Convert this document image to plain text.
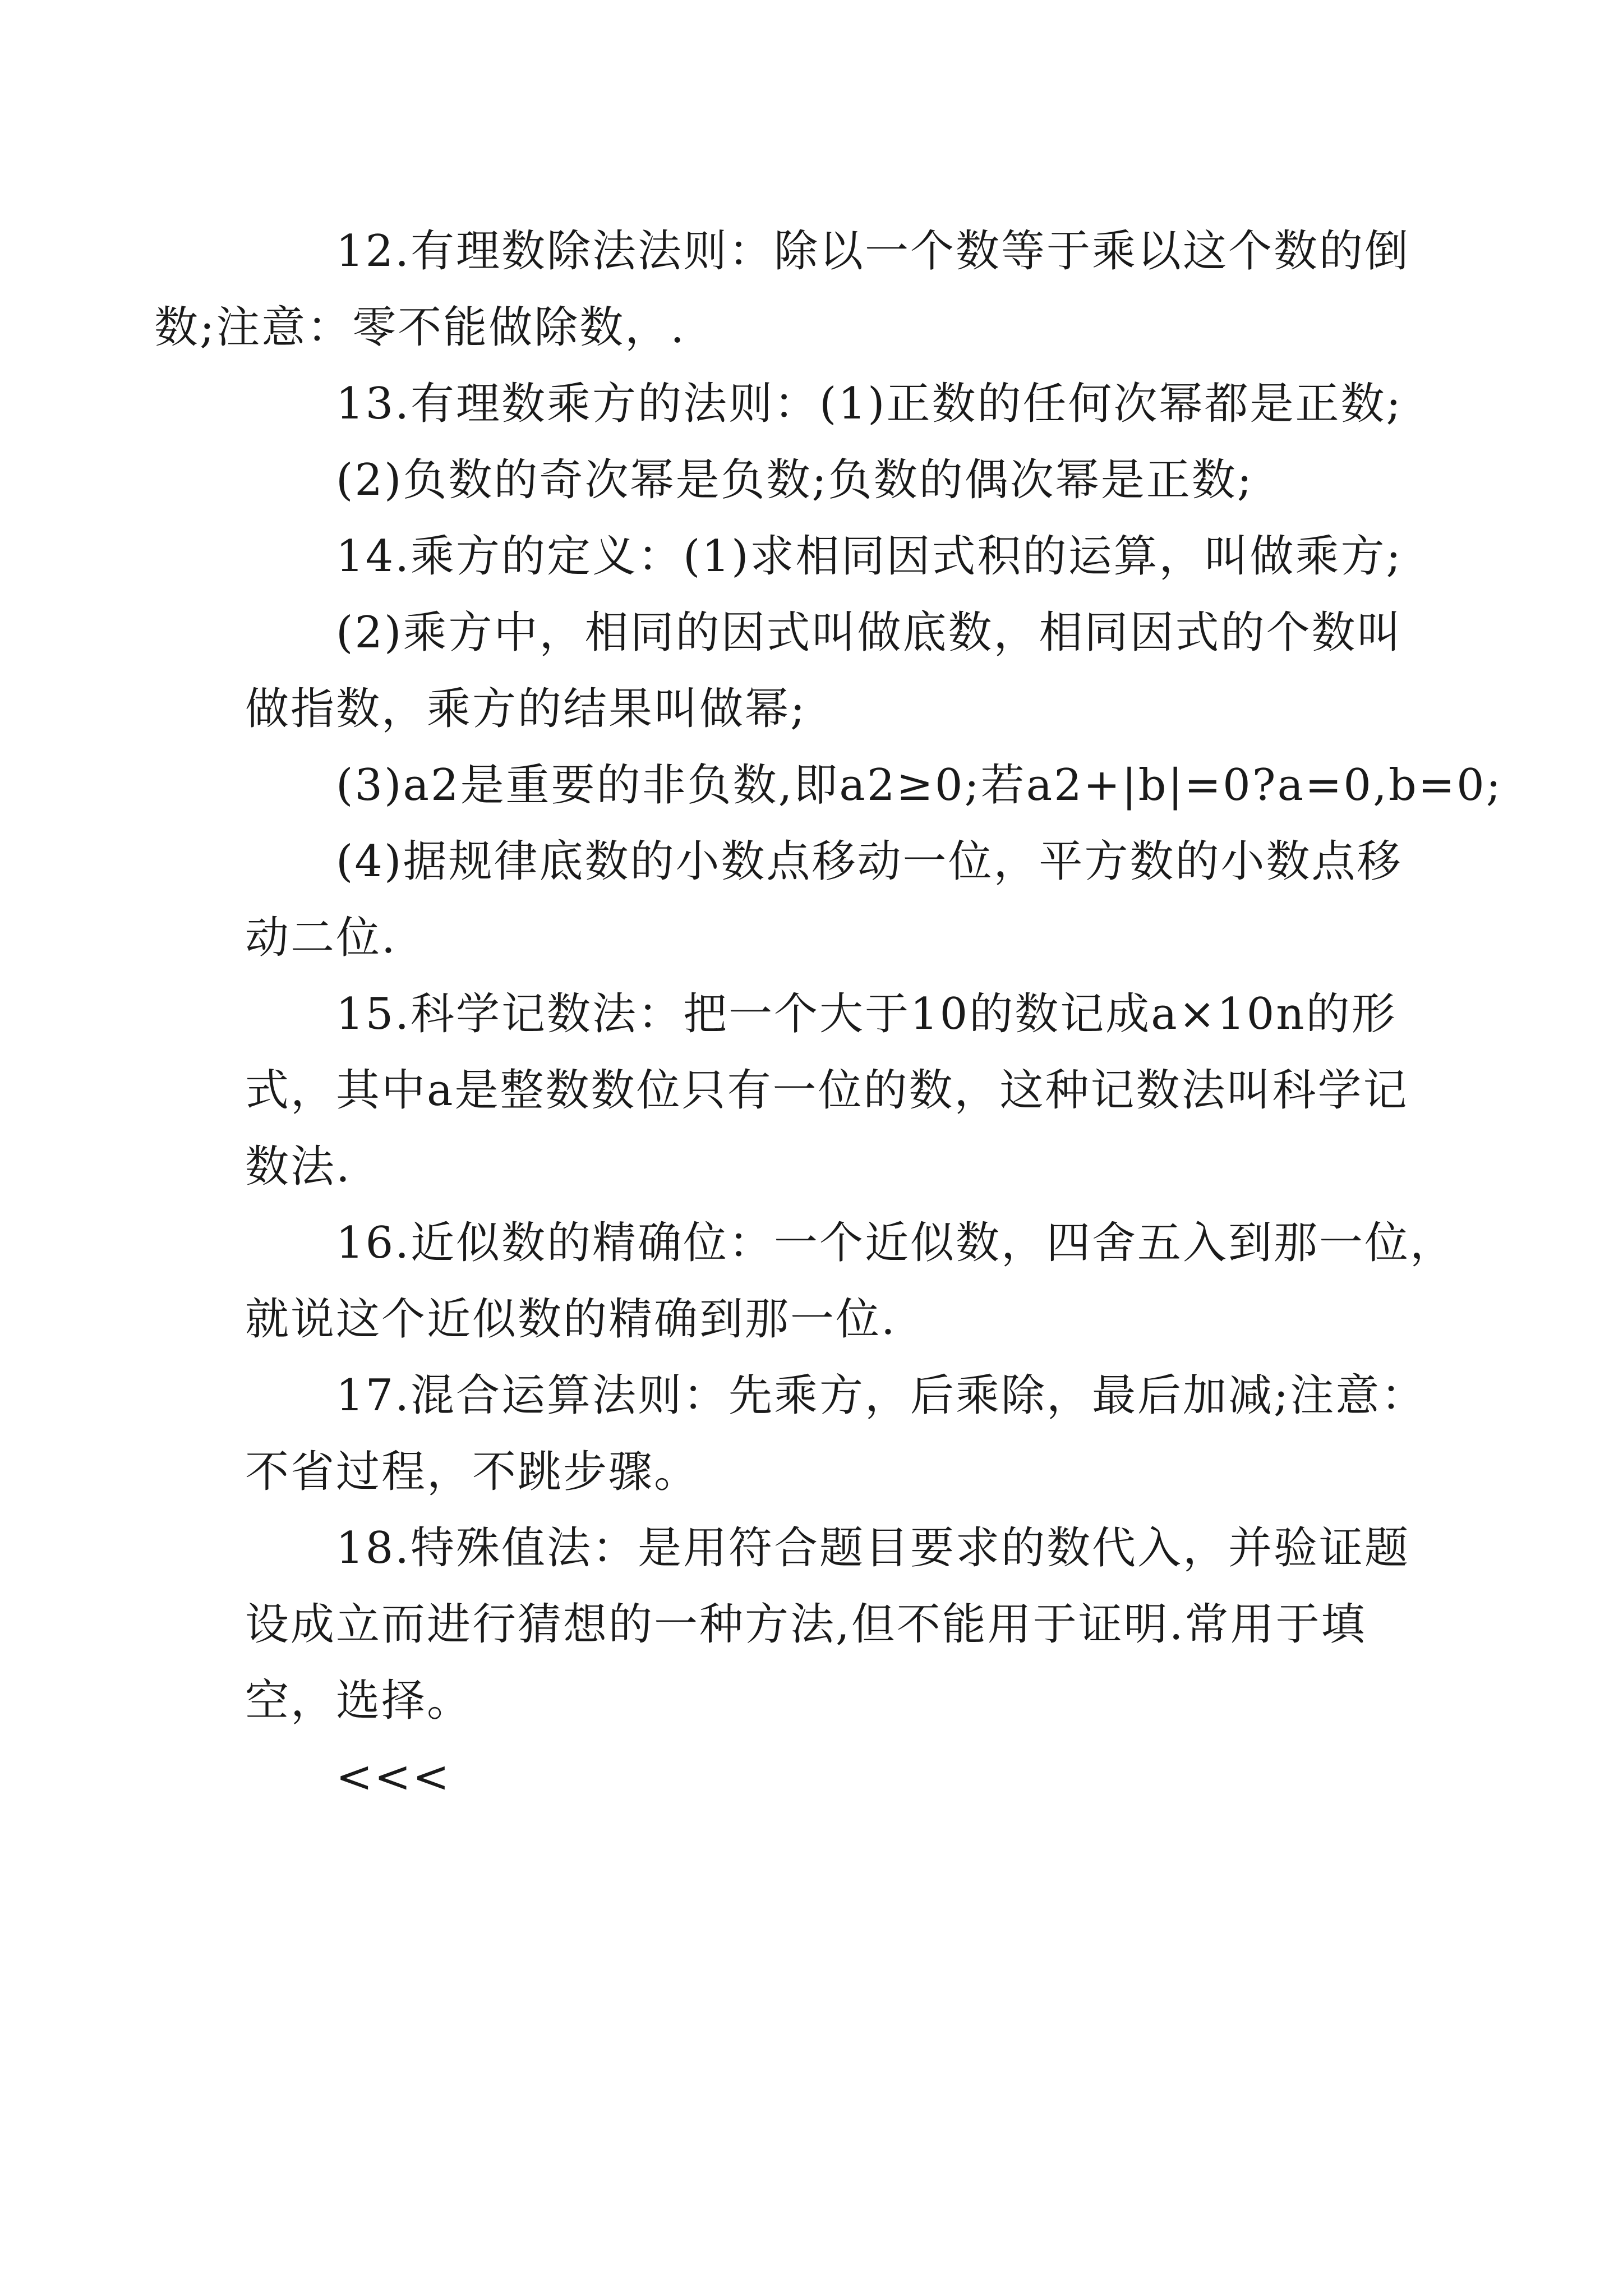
12.有理数除法法则：除以一个数等于乘以这个数的倒
数;注意：零不能做除数，.

13.有理数乘方的法则：(1)正数的任何次幂都是正数;

(2)负数的奇次幂是负数;负数的偶次幂是正数;

14.乘方的定义：(1)求相同因式积的运算，叫做乘方;

(2)乘方中，相同的因式叫做底数，相同因式的个数叫
做指数，乘方的结果叫做幂;

(3)a2是重要的非负数,即a2≥0;若a2+|b|=0?a=0,b=0;

(4)据规律底数的小数点移动一位，平方数的小数点移
动二位.

15.科学记数法：把一个大于10的数记成a×10n的形
式，其中a是整数数位只有一位的数，这种记数法叫科学记
数法.

16.近似数的精确位：一个近似数，四舍五入到那一位，
就说这个近似数的精确到那一位.

17.混合运算法则：先乘方，后乘除，最后加减;注意：
不省过程，不跳步骤。

18.特殊值法：是用符合题目要求的数代入，并验证题
设成立而进行猜想的一种方法,但不能用于证明.常用于填
空，选择。

<<<
